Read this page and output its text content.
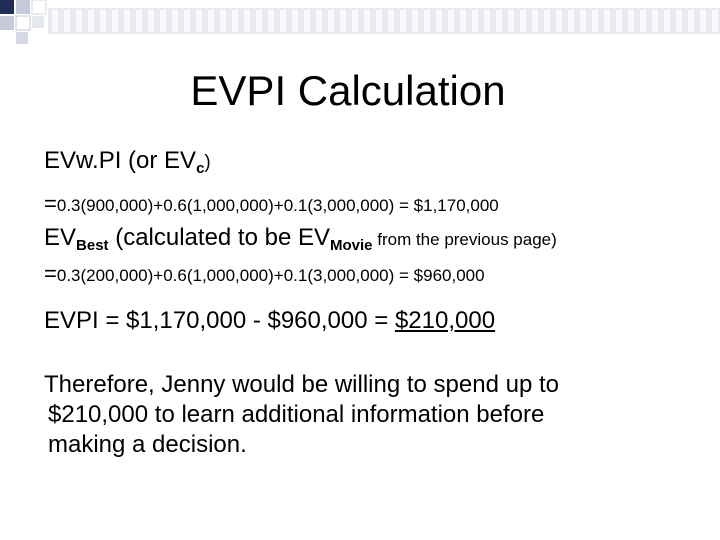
EVPI Calculation
EVw.PI (or $EV_c$)
=0.3(900,000)+0.6(1,000,000)+0.1(3,000,000) = $1,170,000
$EV_{Best}$ (calculated to be $EV_{Movie}$ from the previous page)
=0.3(200,000)+0.6(1,000,000)+0.1(3,000,000) = $960,000
EVPI = $1,170,000 - $960,000 = $210,000
Therefore, Jenny would be willing to spend up to
$210,000 to learn additional information before
making a decision.
